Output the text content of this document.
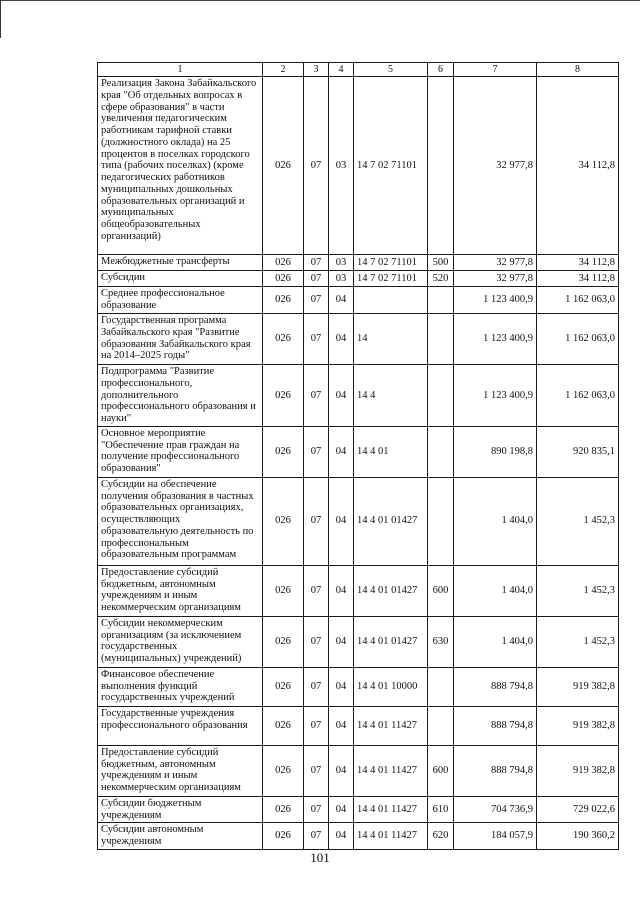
1	2	3	4	5	6	7	8
Реализация Закона Забайкальского края "Об отдельных вопросах в сфере образования" в части увеличения педагогическим работникам тарифной ставки (должностного оклада) на 25 процентов в поселках городского типа (рабочих поселках) (кроме педагогических работников муниципальных дошкольных образовательных организаций и муниципальных общеобразовательных организаций)	026	07	03	14 7 02 71101		32 977,8	34 112,8
Межбюджетные трансферты	026	07	03	14 7 02 71101	500	32 977,8	34 112,8
Субсидии	026	07	03	14 7 02 71101	520	32 977,8	34 112,8
Среднее профессиональное образование	026	07	04			1 123 400,9	1 162 063,0
Государственная программа Забайкальского края "Развитие образования Забайкальского края на 2014–2025 годы"	026	07	04	14		1 123 400,9	1 162 063,0
Подпрограмма "Развитие профессионального, дополнительного профессионального образования и науки"	026	07	04	14 4		1 123 400,9	1 162 063,0
Основное мероприятие "Обеспечение прав граждан на получение профессионального образования"	026	07	04	14 4 01		890 198,8	920 835,1
Субсидии на обеспечение получения образования в частных образовательных организациях, осуществляющих образовательную деятельность по профессиональным образовательным программам	026	07	04	14 4 01 01427		1 404,0	1 452,3
Предоставление субсидий бюджетным, автономным учреждениям и иным некоммерческим организациям	026	07	04	14 4 01 01427	600	1 404,0	1 452,3
Субсидии некоммерческим организациям (за исключением государственных (муниципальных) учреждений)	026	07	04	14 4 01 01427	630	1 404,0	1 452,3
Финансовое обеспечение выполнения функций государственных учреждений	026	07	04	14 4 01 10000		888 794,8	919 382,8
Государственные учреждения профессионального образования	026	07	04	14 4 01 11427		888 794,8	919 382,8
Предоставление субсидий бюджетным, автономным учреждениям и иным некоммерческим организациям	026	07	04	14 4 01 11427	600	888 794,8	919 382,8
Субсидии бюджетным учреждениям	026	07	04	14 4 01 11427	610	704 736,9	729 022,6
Субсидии автономным учреждениям	026	07	04	14 4 01 11427	620	184 057,9	190 360,2
101
